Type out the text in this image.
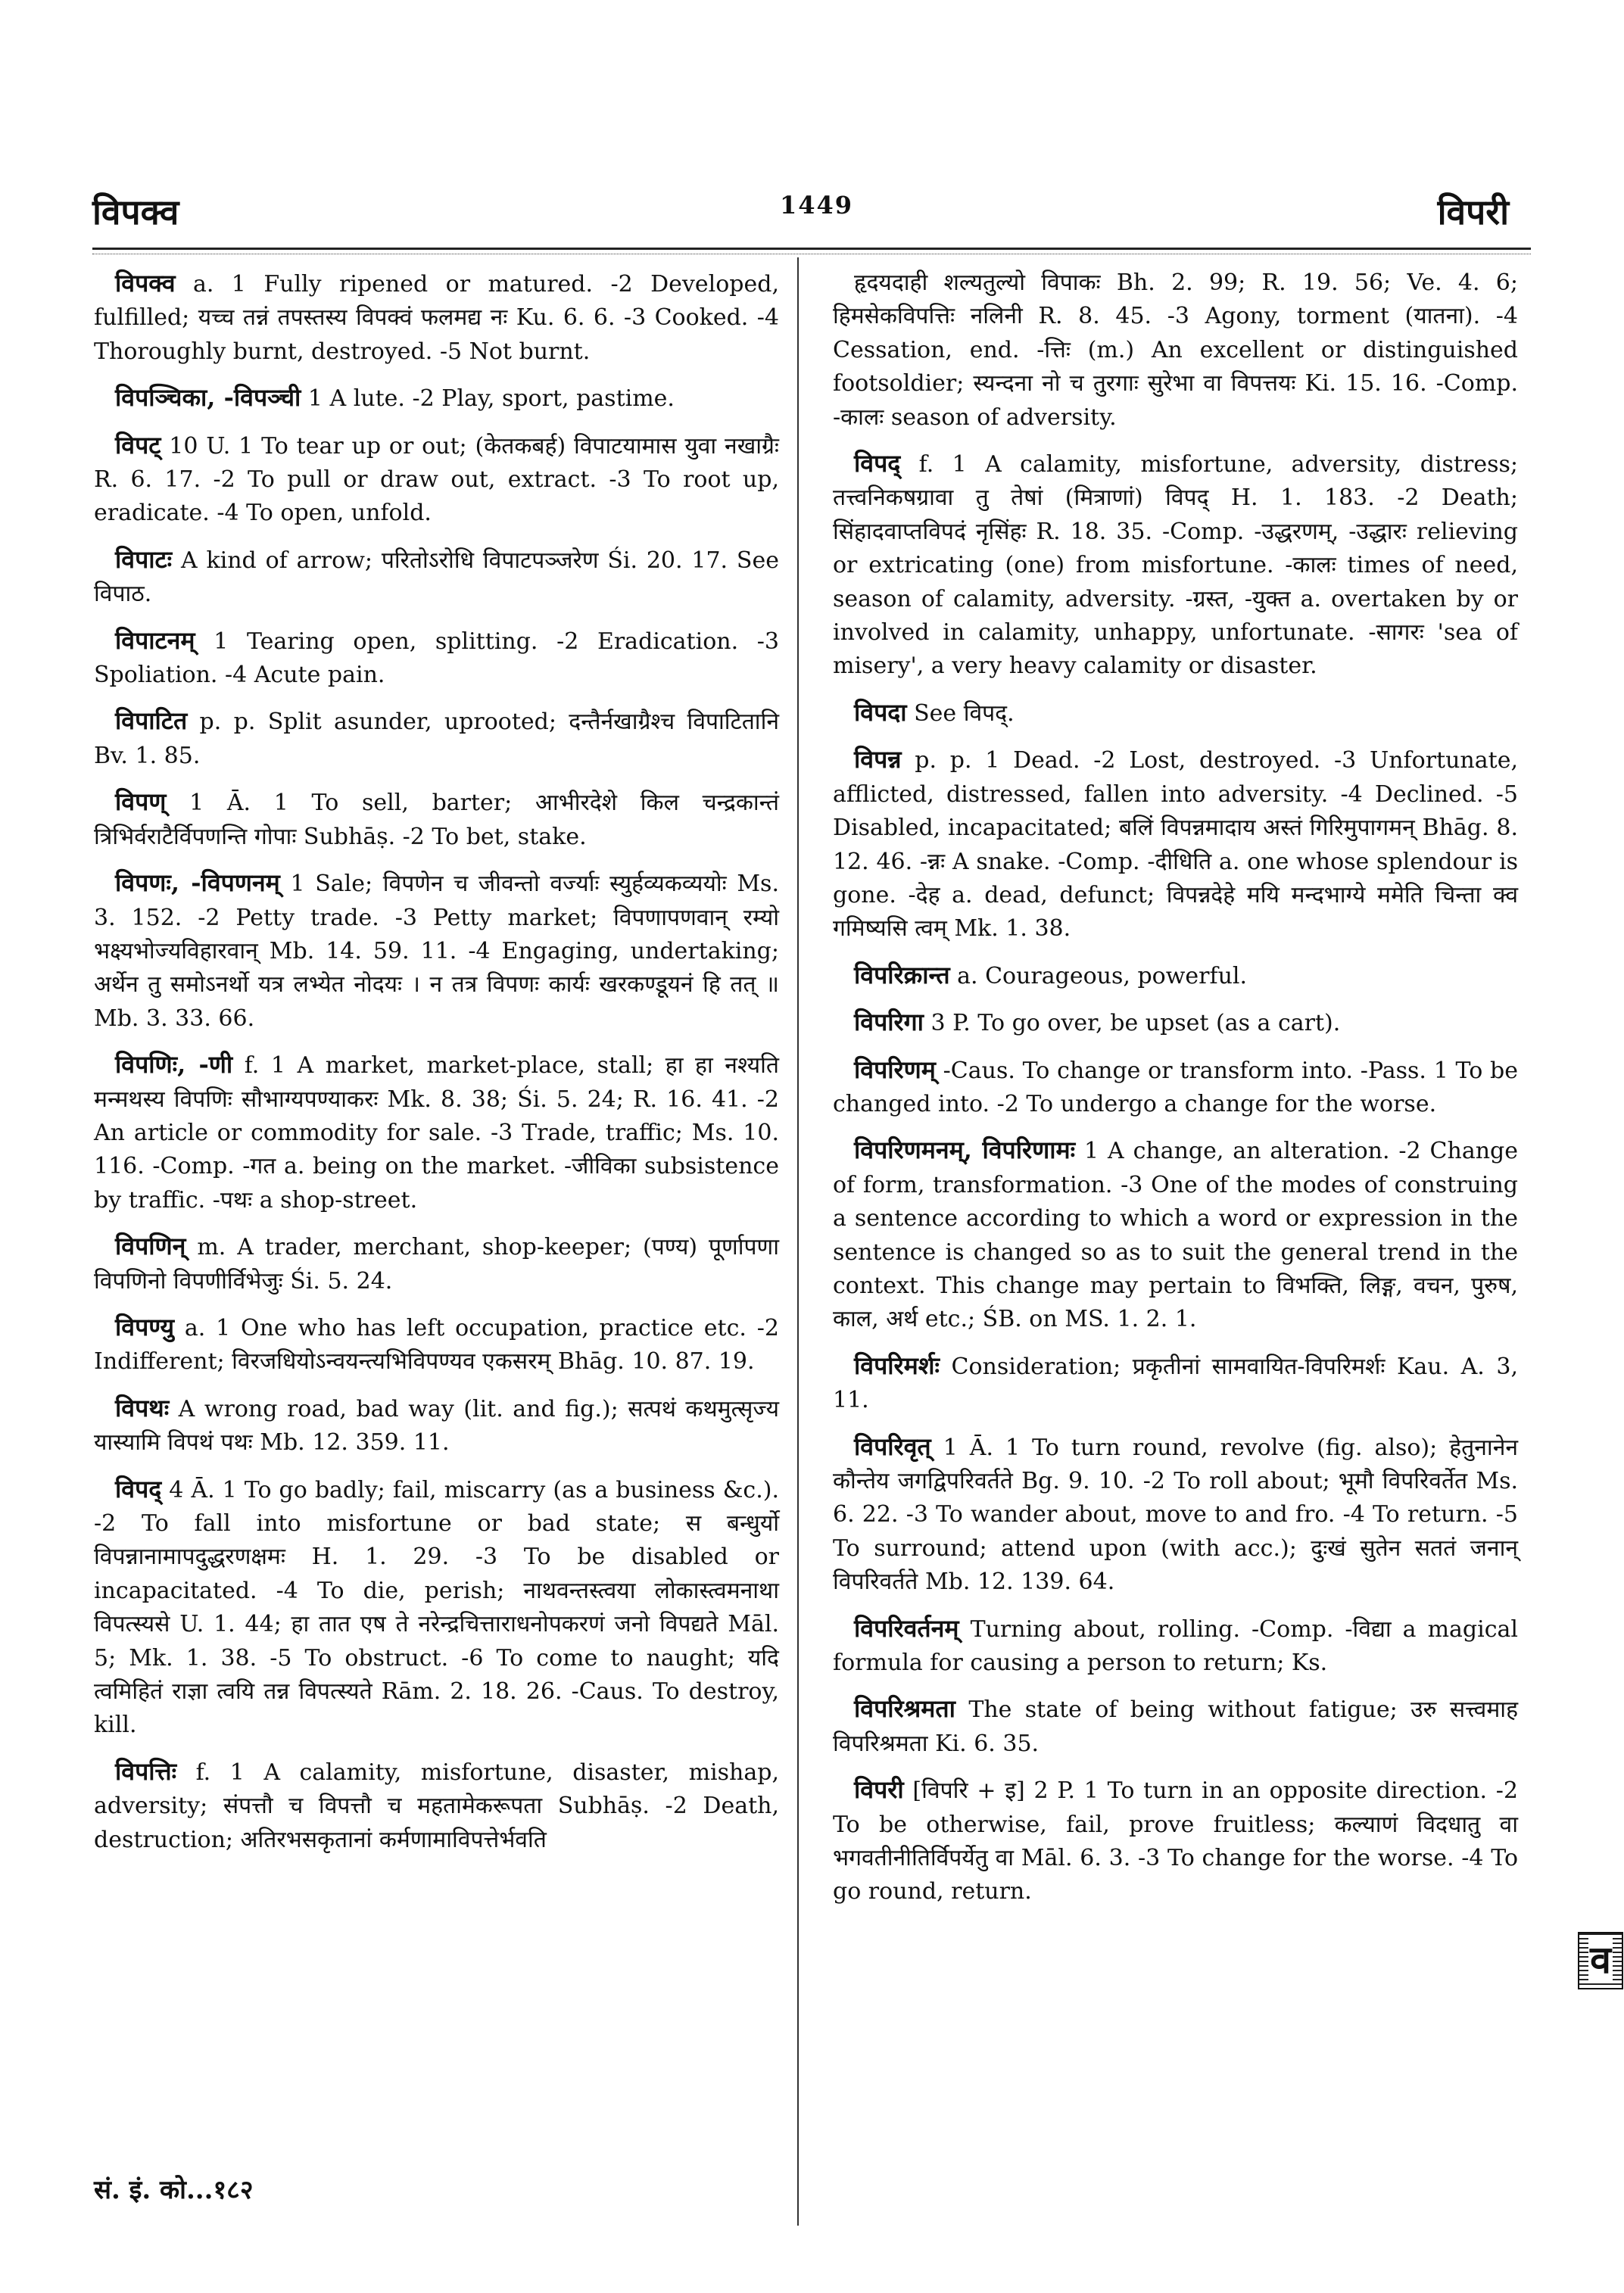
विपक्व	1449	विपरी

विपक्व a. 1 Fully ripened or matured. -2 Developed, fulfilled; यच्च तन्नं तपस्तस्य विपक्वं फलमद्य नः Ku. 6. 6. -3 Cooked. -4 Thoroughly burnt, destroyed. -5 Not burnt.

विपञ्चिका, -विपञ्ची 1 A lute. -2 Play, sport, pastime.

विपट् 10 U. 1 To tear up or out; (केतकबर्ह) विपाटयामास युवा नखाग्रैः R. 6. 17. -2 To pull or draw out, extract. -3 To root up, eradicate. -4 To open, unfold.

विपाटः A kind of arrow; परितोऽरोधि विपाटपञ्जरेण Śi. 20. 17. See विपाठ.

विपाटनम् 1 Tearing open, splitting. -2 Eradication. -3 Spoliation. -4 Acute pain.

विपाटित p. p. Split asunder, uprooted; दन्तैर्नखाग्रैश्च विपाटितानि Bv. 1. 85.

विपण् 1 Ā. 1 To sell, barter; आभीरदेशे किल चन्द्रकान्तं त्रिभिर्वराटैर्विपणन्ति गोपाः Subhāṣ. -2 To bet, stake.

विपणः, -विपणनम् 1 Sale; विपणेन च जीवन्तो वर्ज्याः स्युर्हव्यकव्ययोः Ms. 3. 152. -2 Petty trade. -3 Petty market; विपणापणवान् रम्यो भक्ष्यभोज्यविहारवान् Mb. 14. 59. 11. -4 Engaging, undertaking; अर्थेन तु समोऽनर्थो यत्र लभ्येत नोदयः । न तत्र विपणः कार्यः खरकण्डूयनं हि तत् ॥ Mb. 3. 33. 66.

विपणिः, -णी f. 1 A market, market-place, stall; हा हा नश्यति मन्मथस्य विपणिः सौभाग्यपण्याकरः Mk. 8. 38; Śi. 5. 24; R. 16. 41. -2 An article or commodity for sale. -3 Trade, traffic; Ms. 10. 116. -Comp. -गत a. being on the market. -जीविका subsistence by traffic. -पथः a shop-street.

विपणिन् m. A trader, merchant, shop-keeper; (पण्य) पूर्णापणा विपणिनो विपणीर्विभेजुः Śi. 5. 24.

विपण्यु a. 1 One who has left occupation, practice etc. -2 Indifferent; विरजधियोऽन्वयन्त्यभिविपण्यव एकसरम् Bhāg. 10. 87. 19.

विपथः A wrong road, bad way (lit. and fig.); सत्पथं कथमुत्सृज्य यास्यामि विपथं पथः Mb. 12. 359. 11.

विपद् 4 Ā. 1 To go badly; fail, miscarry (as a business &c.). -2 To fall into misfortune or bad state; स बन्धुर्यो विपन्नानामापदुद्धरणक्षमः H. 1. 29. -3 To be disabled or incapacitated. -4 To die, perish; नाथवन्तस्त्वया लोकास्त्वमनाथा विपत्स्यसे U. 1. 44; हा तात एष ते नरेन्द्रचित्ताराधनोपकरणं जनो विपद्यते Māl. 5; Mk. 1. 38. -5 To obstruct. -6 To come to naught; यदि त्वमिहितं राज्ञा त्वयि तन्न विपत्स्यते Rām. 2. 18. 26. -Caus. To destroy, kill.

विपत्तिः f. 1 A calamity, misfortune, disaster, mishap, adversity; संपत्तौ च विपत्तौ च महतामेकरूपता Subhāṣ. -2 Death, destruction; अतिरभसकृतानां कर्मणामाविपत्तेर्भवति

हृदयदाही शल्यतुल्यो विपाकः Bh. 2. 99; R. 19. 56; Ve. 4. 6; हिमसेकविपत्तिः नलिनी R. 8. 45. -3 Agony, torment (यातना). -4 Cessation, end. -त्तिः (m.) An excellent or distinguished footsoldier; स्यन्दना नो च तुरगाः सुरेभा वा विपत्तयः Ki. 15. 16. -Comp. -कालः season of adversity.

विपद् f. 1 A calamity, misfortune, adversity, distress; तत्त्वनिकषग्रावा तु तेषां (मित्राणां) विपद् H. 1. 183. -2 Death; सिंहादवाप्तविपदं नृसिंहः R. 18. 35. -Comp. -उद्धरणम्, -उद्धारः relieving or extricating (one) from misfortune. -कालः times of need, season of calamity, adversity. -ग्रस्त, -युक्त a. overtaken by or involved in calamity, unhappy, unfortunate. -सागरः 'sea of misery', a very heavy calamity or disaster.

विपदा See विपद्.

विपन्न p. p. 1 Dead. -2 Lost, destroyed. -3 Unfortunate, afflicted, distressed, fallen into adversity. -4 Declined. -5 Disabled, incapacitated; बलिं विपन्नमादाय अस्तं गिरिमुपागमन् Bhāg. 8. 12. 46. -न्नः A snake. -Comp. -दीधिति a. one whose splendour is gone. -देह a. dead, defunct; विपन्नदेहे मयि मन्दभाग्ये ममेति चिन्ता क्व गमिष्यसि त्वम् Mk. 1. 38.

विपरिक्रान्त a. Courageous, powerful.

विपरिगा 3 P. To go over, be upset (as a cart).

विपरिणम् -Caus. To change or transform into. -Pass. 1 To be changed into. -2 To undergo a change for the worse.

विपरिणमनम्, विपरिणामः 1 A change, an alteration. -2 Change of form, transformation. -3 One of the modes of construing a sentence according to which a word or expression in the sentence is changed so as to suit the general trend in the context. This change may pertain to विभक्ति, लिङ्ग, वचन, पुरुष, काल, अर्थ etc.; ŚB. on MS. 1. 2. 1.

विपरिमर्शः Consideration; प्रकृतीनां सामवायित-विपरिमर्शः Kau. A. 3, 11.

विपरिवृत् 1 Ā. 1 To turn round, revolve (fig. also); हेतुनानेन कौन्तेय जगद्विपरिवर्तते Bg. 9. 10. -2 To roll about; भूमौ विपरिवर्तेत Ms. 6. 22. -3 To wander about, move to and fro. -4 To return. -5 To surround; attend upon (with acc.); दुःखं सुतेन सततं जनान् विपरिवर्तते Mb. 12. 139. 64.

विपरिवर्तनम् Turning about, rolling. -Comp. -विद्या a magical formula for causing a person to return; Ks.

विपरिश्रमता The state of being without fatigue; उरु सत्त्वमाह विपरिश्रमता Ki. 6. 35.

विपरी [विपरि + इ] 2 P. 1 To turn in an opposite direction. -2 To be otherwise, fail, prove fruitless; कल्याणं विदधातु वा भगवतीनीतिर्विपर्येतु वा Māl. 6. 3. -3 To change for the worse. -4 To go round, return.

सं. इं. को...१८२
व
